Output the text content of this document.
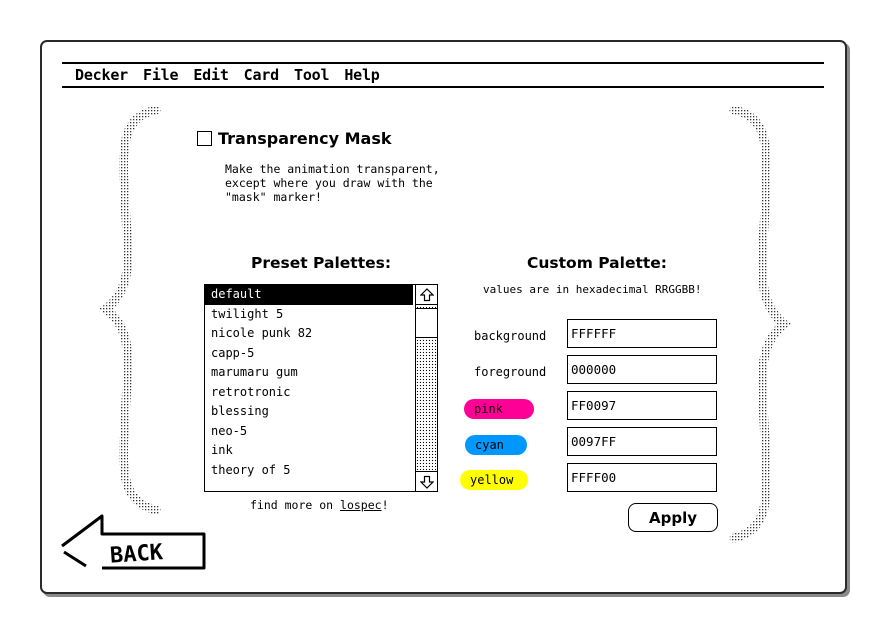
Decker	File	Edit	Card	Tool	Help
Transparency Mask
Make the animation transparent, except where you draw with the "mask" marker!
Preset Palettes:
default
twilight 5
nicole punk 82
capp-5
marumaru gum
retrotronic
blessing
neo-5
ink
theory of 5
find more on lospec!
Custom Palette:
values are in hexadecimal RRGGBB!
background
FFFFFF
foreground
000000
pink
FF0097
cyan
0097FF
yellow
FFFF00
Apply
BACK
